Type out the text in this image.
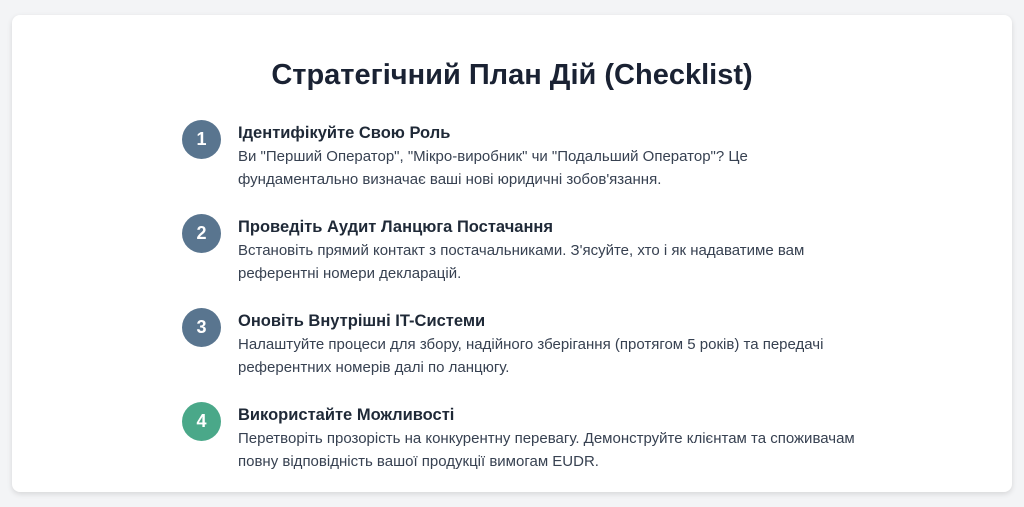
Стратегічний План Дій (Checklist)
1	Ідентифікуйте Свою Роль
Ви "Перший Оператор", "Мікро-виробник" чи "Подальший Оператор"? Це фундаментально визначає ваші нові юридичні зобов'язання.
2	Проведіть Аудит Ланцюга Постачання
Встановіть прямий контакт з постачальниками. З'ясуйте, хто і як надаватиме вам референтні номери декларацій.
3	Оновіть Внутрішні IT-Системи
Налаштуйте процеси для збору, надійного зберігання (протягом 5 років) та передачі референтних номерів далі по ланцюгу.
4	Використайте Можливості
Перетворіть прозорість на конкурентну перевагу. Демонструйте клієнтам та споживачам повну відповідність вашої продукції вимогам EUDR.
